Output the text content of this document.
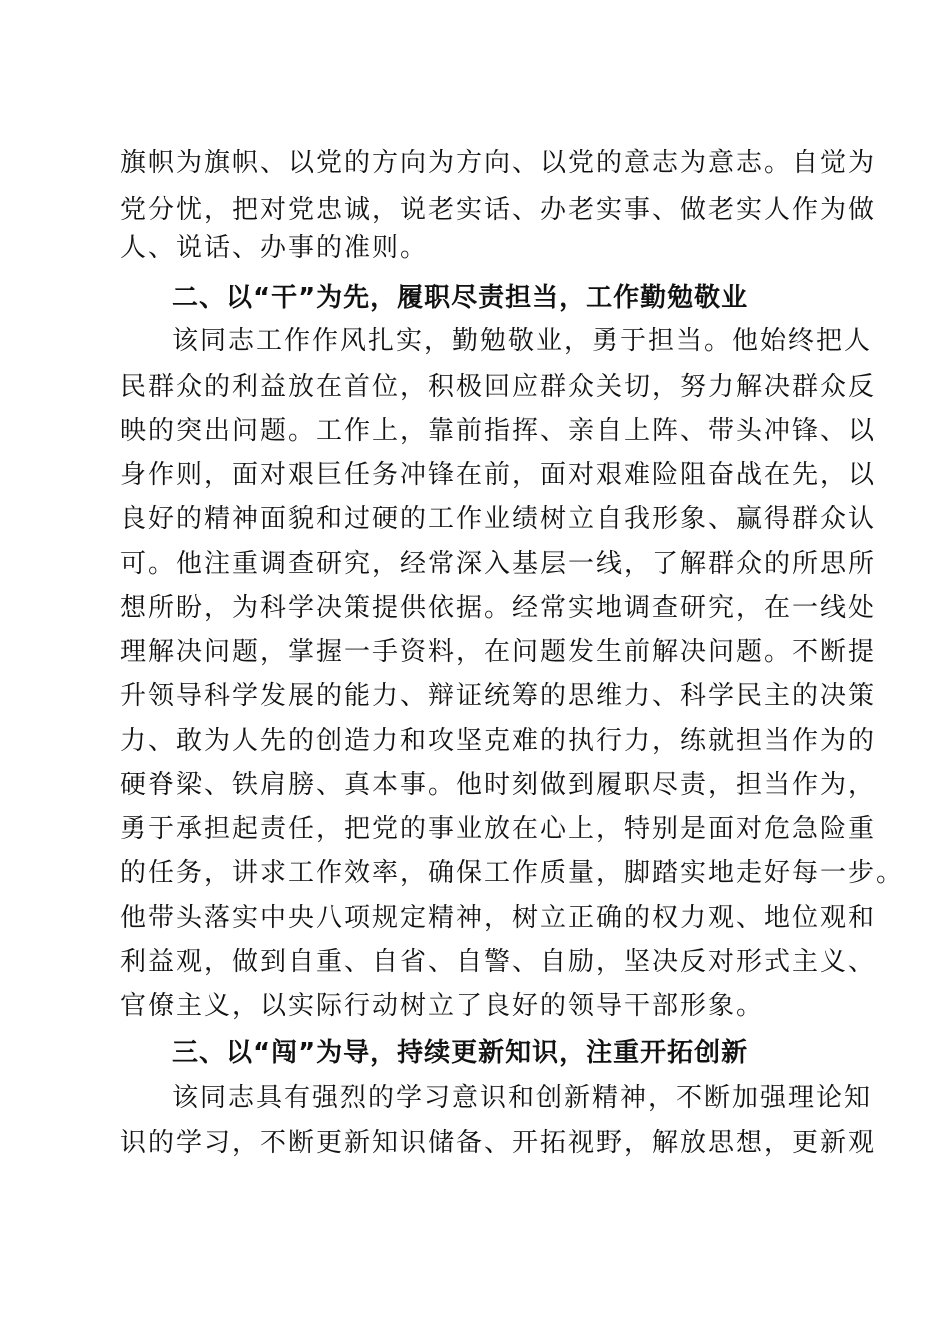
旗帜为旗帜、以党的方向为方向、以党的意志为意志。自觉为
党分忧，把对党忠诚，说老实话、办老实事、做老实人作为做
人、说话、办事的准则。
二、以“干”为先，履职尽责担当，工作勤勉敬业
该同志工作作风扎实，勤勉敬业，勇于担当。他始终把人
民群众的利益放在首位，积极回应群众关切，努力解决群众反
映的突出问题。工作上，靠前指挥、亲自上阵、带头冲锋、以
身作则，面对艰巨任务冲锋在前，面对艰难险阻奋战在先，以
良好的精神面貌和过硬的工作业绩树立自我形象、赢得群众认
可。他注重调查研究，经常深入基层一线，了解群众的所思所
想所盼，为科学决策提供依据。经常实地调查研究，在一线处
理解决问题，掌握一手资料，在问题发生前解决问题。不断提
升领导科学发展的能力、辩证统筹的思维力、科学民主的决策
力、敢为人先的创造力和攻坚克难的执行力，练就担当作为的
硬脊梁、铁肩膀、真本事。他时刻做到履职尽责，担当作为，
勇于承担起责任，把党的事业放在心上，特别是面对危急险重
的任务，讲求工作效率，确保工作质量，脚踏实地走好每一步。
他带头落实中央八项规定精神，树立正确的权力观、地位观和
利益观，做到自重、自省、自警、自励，坚决反对形式主义、
官僚主义，以实际行动树立了良好的领导干部形象。
三、以“闯”为导，持续更新知识，注重开拓创新
该同志具有强烈的学习意识和创新精神，不断加强理论知
识的学习，不断更新知识储备、开拓视野，解放思想，更新观
